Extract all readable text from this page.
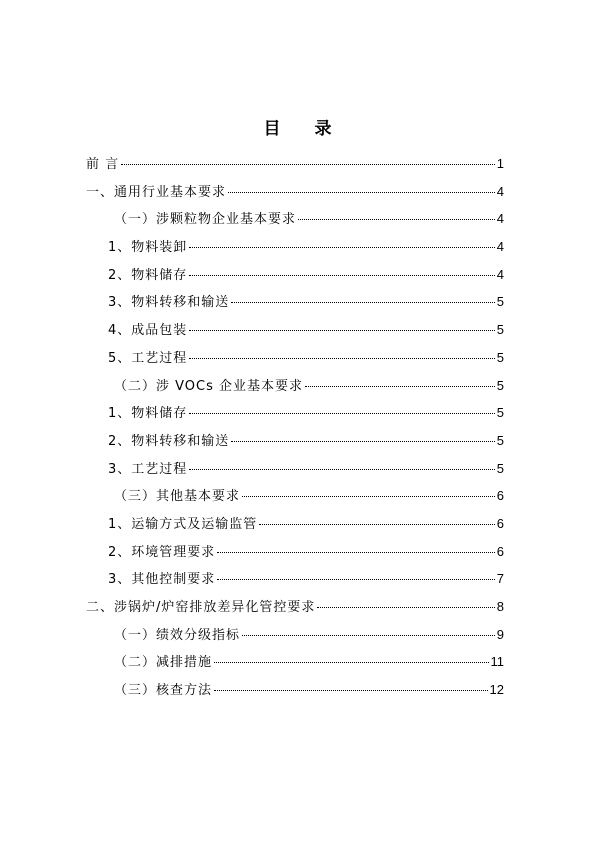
目 录
前 言	1
一、通用行业基本要求	4
（一）涉颗粒物企业基本要求	4
1、物料装卸	4
2、物料储存	4
3、物料转移和输送	5
4、成品包装	5
5、工艺过程	5
（二）涉 VOCs 企业基本要求	5
1、物料储存	5
2、物料转移和输送	5
3、工艺过程	5
（三）其他基本要求	6
1、运输方式及运输监管	6
2、环境管理要求	6
3、其他控制要求	7
二、涉锅炉/炉窑排放差异化管控要求	8
（一）绩效分级指标	9
（二）减排措施	11
（三）核查方法	12
